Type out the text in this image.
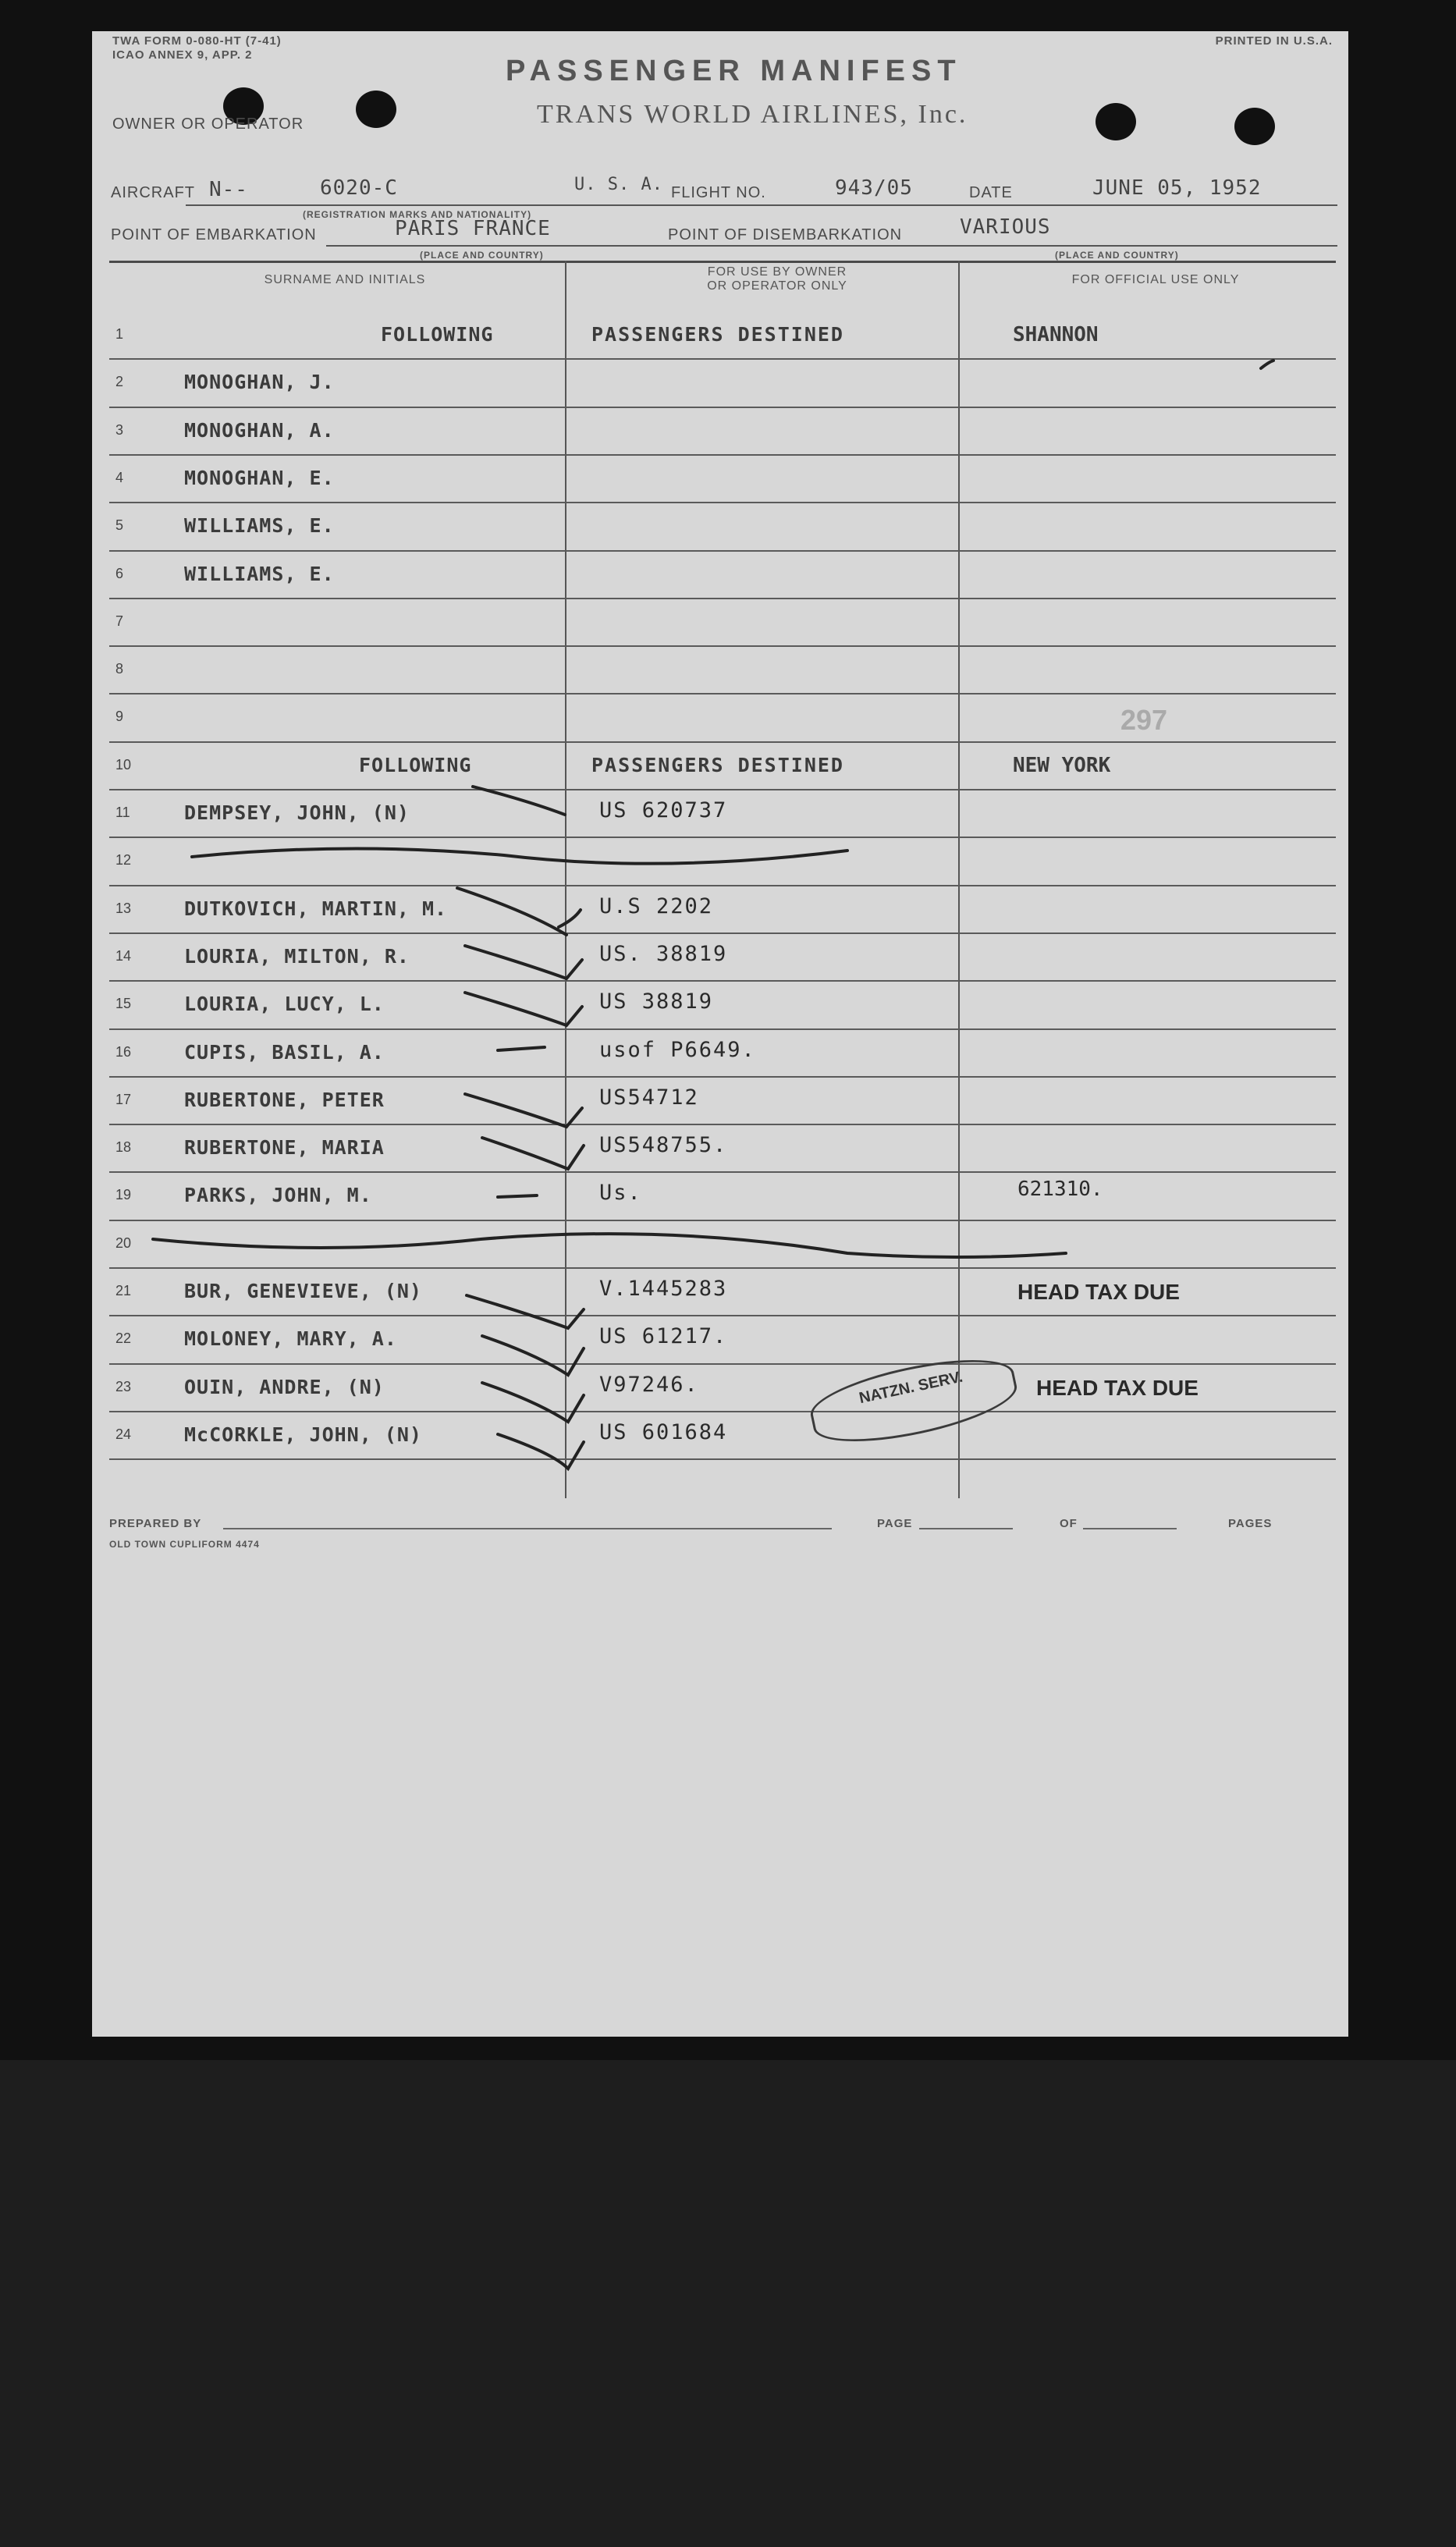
TWA FORM 0-080-HT (7-41)
ICAO ANNEX 9, APP. 2
PRINTED IN U.S.A.
PASSENGER MANIFEST
TRANS WORLD AIRLINES, Inc.
OWNER OR OPERATOR
AIRCRAFT N--	6020-C	U. S. A. FLIGHT NO.	943/05	DATE	JUNE 05, 1952
(REGISTRATION MARKS AND NATIONALITY)
POINT OF EMBARKATION	PARIS FRANCE	POINT OF DISEMBARKATION	VARIOUS
(PLACE AND COUNTRY)	(PLACE AND COUNTRY)
SURNAME AND INITIALS
FOR USE BY OWNER
OR OPERATOR ONLY	FOR OFFICIAL USE ONLY
1	FOLLOWING	PASSENGERS DESTINED	SHANNON
2	MONOGHAN, J.
3	MONOGHAN, A.
4	MONOGHAN, E.
5	WILLIAMS, E.
6	WILLIAMS, E.
7
8
9
10	FOLLOWING	PASSENGERS DESTINED	NEW YORK
11	DEMPSEY, JOHN, (N)	US 620737
12
13	DUTKOVICH, MARTIN, M.	U.S 2202
14	LOURIA, MILTON, R.	US. 38819
15	LOURIA, LUCY, L.	US 38819
16	CUPIS, BASIL, A.	usof P6649.
17	RUBERTONE, PETER	US54712
18	RUBERTONE, MARIA	US548755.
19	PARKS, JOHN, M.	Us.	621310.
20
21	BUR, GENEVIEVE, (N)	V.1445283	HEAD TAX DUE
22	MOLONEY, MARY, A.	US 61217.
23	OUIN, ANDRE, (N)	V97246.	HEAD TAX DUE
24	McCORKLE, JOHN, (N)	US 601684
297
NATZN. SERV.
PREPARED BY	PAGE	OF	PAGES
OLD TOWN CUPLIFORM 4474
